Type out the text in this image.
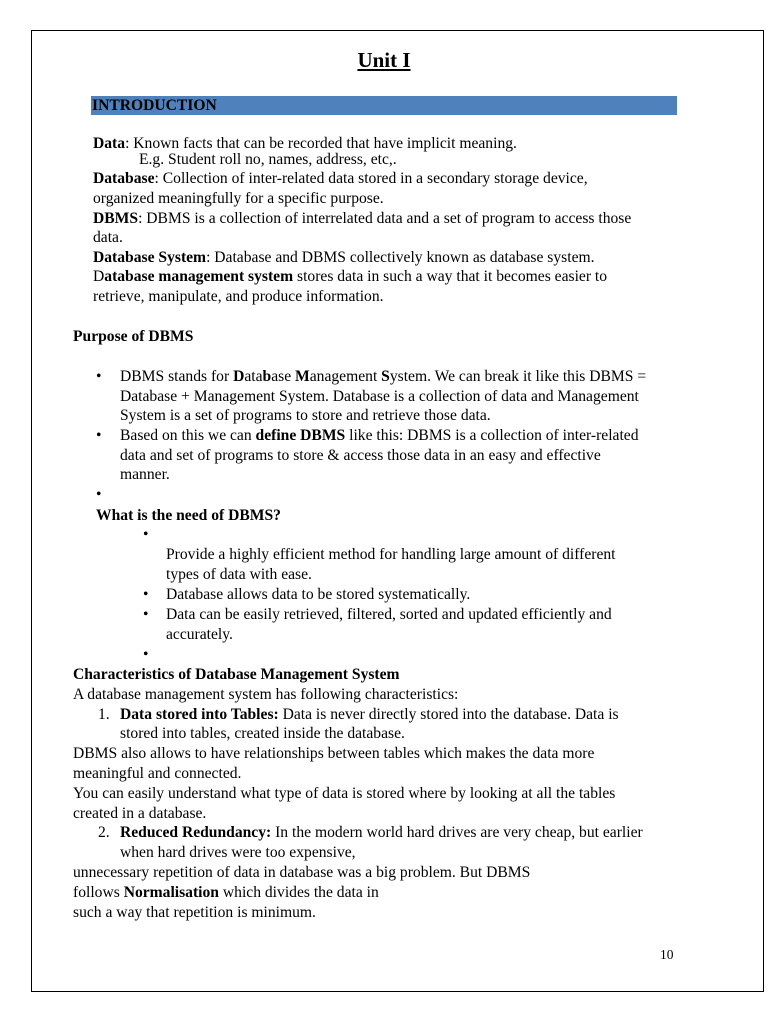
Unit I
INTRODUCTION
Data: Known facts that can be recorded that have implicit meaning.
E.g. Student roll no, names, address, etc,.
Database: Collection of inter-related data stored in a secondary storage device,
organized meaningfully for a specific purpose.
DBMS: DBMS is a collection of interrelated data and a set of program to access those
data.
Database System: Database and DBMS collectively known as database system.
Database management system stores data in such a way that it becomes easier to
retrieve, manipulate, and produce information.
Purpose of DBMS
• DBMS stands for Database Management System. We can break it like this DBMS =
Database + Management System. Database is a collection of data and Management
System is a set of programs to store and retrieve those data.
• Based on this we can define DBMS like this: DBMS is a collection of inter-related
data and set of programs to store & access those data in an easy and effective
manner.
•
What is the need of DBMS?
•
Provide a highly efficient method for handling large amount of different
types of data with ease.
• Database allows data to be stored systematically.
• Data can be easily retrieved, filtered, sorted and updated efficiently and
accurately.
•
Characteristics of Database Management System
A database management system has following characteristics:
1. Data stored into Tables: Data is never directly stored into the database. Data is
stored into tables, created inside the database.
DBMS also allows to have relationships between tables which makes the data more
meaningful and connected.
You can easily understand what type of data is stored where by looking at all the tables
created in a database.
2. Reduced Redundancy: In the modern world hard drives are very cheap, but earlier
when hard drives were too expensive,
unnecessary repetition of data in database was a big problem. But DBMS
follows Normalisation which divides the data in
such a way that repetition is minimum.
10
